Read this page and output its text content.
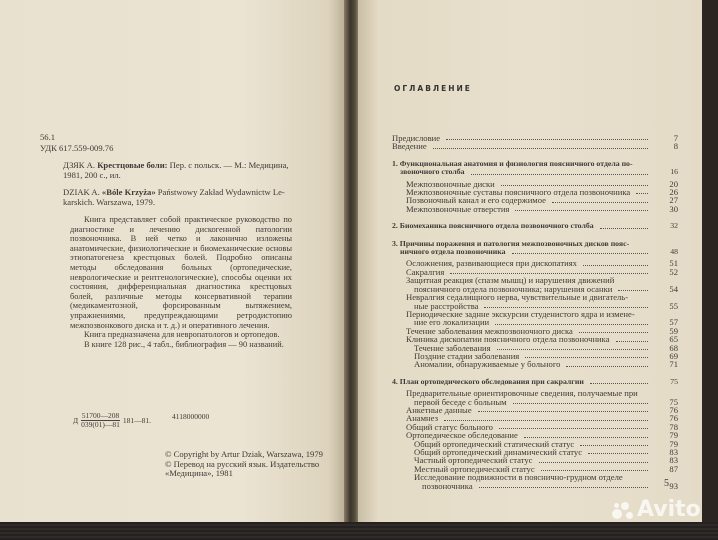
56.1
УДК 617.559-009.76
ДЗЯК А. Крестцовые боли: Пер. с польск. — М.: Медицина,
1981, 200 с., ил.
DZIAK A. «Bóle Krzyża» Państwowy Zakład Wydawnictw Le-
karskich. Warszawa, 1979.

Книга представляет собой практическое руководство по диагностике и лечению дискогенной патологии позвоночника. В ней четко и лаконично изложены анатомические, физиологические и биомеханические основы этиопатогенеза крестцовых болей. Подробно описаны методы обследования больных (ортопедические, неврологические и рентгенологические), способы оценки их состояния, дифференциальная диагностика крестцовых болей, различные методы консервативной терапии (медикаментозной, форсированным вытяжением, упражнениями, предупреждающими ретродистопию межпозвонкового диска и т. д.) и оперативного лечения.

Книга предназначена для невропатологов и ортопедов.

В книге 128 рис., 4 табл., библиография — 90 названий.

Д $\frac{51700—208}{039(01)—81}$ 181—81.	4118000000
© Copyright by Artur Dziak, Warszawa, 1979
© Перевод на русский язык. Издательство
«Медицина», 1981
ОГЛАВЛЕНИЕ
Предисловие	7
Введение	8
1. Функциональная анатомия и физиология поясничного отдела по-
звоночного столба	16
Межпозвоночные диски	20
Межпозвоночные суставы поясничного отдела позвоночника	26
Позвоночный канал и его содержимое	27
Межпозвоночные отверстия	30
2. Биомеханика поясничного отдела позвоночного столба	32
3. Причины поражения и патология межпозвоночных дисков пояс-
ничного отдела позвоночника	48
Осложнения, развивающиеся при дископатиях	51
Сакралгия	52
Защитная реакция (спазм мышц) и нарушения движений
поясничного отдела позвоночника; нарушения осанки	54
Невралгия седалищного нерва, чувствительные и двигатель-
ные расстройства	55
Периодические заднне экскурсии студенистого ядра и измене-
ние его локализации	57
Течение заболевания межпозвоночного диска	59
Клиника дископатии поясничного отдела позвоночника	65
Течение заболевания	68
Поздние стадии заболевания	69
Аномалии, обнаруживаемые у больного	71
4. План ортопедического обследования при сакралгии	75
Предварительные ориентировочные сведения, получаемые при
первой беседе с больным	75
Анкетные данные	76
Анамнез	76
Общий статус больного	78
Ортопедическое обследование	79
Общий ортопедический статический статус	79
Общий ортопедический динамический статус	83
Частный ортопедический статус	83
Местный ортопедический статус	87
Исследование подвижности в пояснично-грудном отделе
позвоночника	93
5
Avito
